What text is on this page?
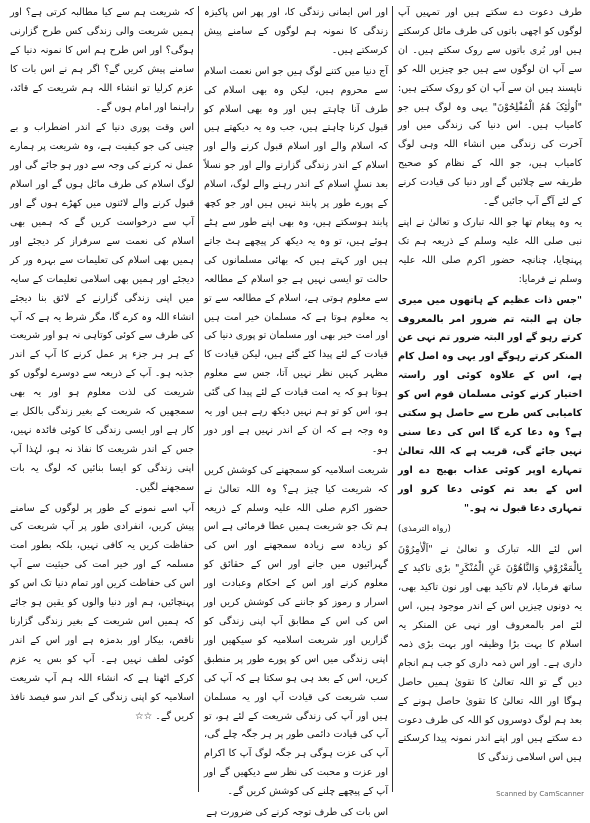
طرف دعوت دے سکتے ہیں اور تمہیں آپ لوگوں کو اچھی باتوں کی طرف مائل کرسکتے ہیں اور بُری باتوں سے روک سکتے ہیں۔ ان سے آپ ان لوگوں سے ہیں جو چیزیں اللہ کو ناپسند ہیں ان سے آپ ان کو روک سکتے ہیں: "اُولٰئِکَ ھُمُ الْمُفْلِحُوْنَ" یہی وہ لوگ ہیں جو کامیاب ہیں۔ اس دنیا کی زندگی میں اور آخرت کی زندگی میں انشاء اللہ وہی لوگ کامیاب ہیں، جو اللہ کے نظام کو صحیح طریقہ سے چلائیں گے اور دنیا کی قیادت کرنے کے لئے آگے آپ جائیں گے۔

یہ وہ پیغام تھا جو اللہ تبارک و تعالیٰ نے اپنے نبی صلی اللہ علیہ وسلم کے ذریعہ ہم تک پہنچایا، چنانچہ حضور اکرم صلی اللہ علیہ وسلم نے فرمایا:

"جس ذات عظیم کے ہاتھوں میں میری جان ہے البتہ تم ضرور امر بالمعروف کرتے رہو گے اور البتہ ضرور تم نہی عن المنکر کرتے رہوگے اور یہی وہ اصل کام ہے، اس کے علاوہ کوئی اور راستہ اختیار کرنے کوئی مسلمان قوم اس کو کامیابی کس طرح سے حاصل ہو سکتی ہے؟ وہ دعا کرے گا اس کی دعا سنی نہیں جائے گی، قریب ہے کہ اللہ تعالیٰ تمہارے اوپر کوئی عذاب بھیج دے اور اس کے بعد تم کوئی دعا کرو اور تمہاری دعا قبول نہ ہو۔"

(رواہ الترمذی)

اس لئے اللہ تبارک و تعالیٰ نے "اَلْاٰمِرُوْنَ بِالْمَعْرُوْفِ وَالنَّاھُوْنَ عَنِ الْمُنْکَرِ" بڑی تاکید کے ساتھ فرمایا، لام تاکید بھی اور نون تاکید بھی، یہ دونوں چیزیں اس کے اندر موجود ہیں، اس لئے امر بالمعروف اور نہی عن المنکر یہ اسلام کا بہت بڑا وظیفہ اور بہت بڑی ذمہ داری ہے۔ اور اس ذمہ داری کو جب ہم انجام دیں گے تو اللہ تعالیٰ کا تقویٰ ہمیں حاصل ہوگا اور اللہ تعالیٰ کا تقویٰ حاصل ہونے کے بعد ہم لوگ دوسروں کو اللہ کی طرف دعوت دے سکتے ہیں اور اپنے اندر نمونہ پیدا کرسکتے ہیں اس اسلامی زندگی کا

اور اس ایمانی زندگی کا، اور پھر اس پاکیزہ زندگی کا نمونہ ہم لوگوں کے سامنے پیش کرسکتے ہیں۔

آج دنیا میں کتنے لوگ ہیں جو اس نعمت اسلام سے محروم ہیں، لیکن وہ بھی اسلام کی طرف آنا چاہتے ہیں اور وہ بھی اسلام کو قبول کرنا چاہتے ہیں، جب وہ یہ دیکھتے ہیں کہ اسلام والے اور اسلام قبول کرنے والے اور اسلام کے اندر زندگی گزارنے والے اور جو نسلاً بعد نسلٍ اسلام کے اندر رہنے والے لوگ، اسلام کے پورے طور پر پابند نہیں ہیں اور جو کچھ پابند ہوسکتے ہیں، وہ بھی اپنے طور سے ہٹے ہوئے ہیں، تو وہ یہ دیکھ کر پیچھے ہٹ جاتے ہیں اور کہتے ہیں کہ بھائی مسلمانوں کی حالت تو ایسی نہیں ہے جو اسلام کے مطالعہ سے معلوم ہوتی ہے، اسلام کے مطالعہ سے تو یہ معلوم ہوتا ہے کہ مسلمان خیر امت ہیں اور امت خیر بھی اور مسلمان تو پوری دنیا کی قیادت کے لئے پیدا کئے گئے ہیں، لیکن قیادت کا مظہر کہیں نظر نہیں آتا، جس سے معلوم ہوتا ہو کہ یہ امت قیادت کے لئے پیدا کی گئی ہو، اس کو تو ہم نہیں دیکھ رہے ہیں اور یہ وہ وجہ ہے کہ ان کے اندر نہیں ہے اور دور ہو۔

شریعت اسلامیہ کو سمجھنے کی کوشش کریں کہ شریعت کیا چیز ہے؟ وہ اللہ تعالیٰ نے حضور اکرم صلی اللہ علیہ وسلم کے ذریعہ ہم تک جو شریعت ہمیں عطا فرمائی ہے اس کو زیادہ سے زیادہ سمجھنے اور اس کی گہرائیوں میں جانے اور اس کے حقائق کو معلوم کرنے اور اس کے احکام وعبادت اور اسرار و رموز کو جاننے کی کوشش کریں اور اس کی اس کے مطابق آپ اپنی زندگی کو گزاریں اور شریعت اسلامیہ کو سیکھیں اور اپنی زندگی میں اس کو پورے طور پر منطبق کریں، اس کے بعد ہی ہو سکتا ہے کہ آپ کی سب شریعت کی قیادت آپ اور یہ مسلمان ہیں اور آپ کی زندگی شریعت کے لئے ہو، تو آپ کی قیادت دائمی طور پر ہر جگہ چلے گی، آپ کی عزت ہوگی ہر جگہ لوگ آپ کا اکرام اور عزت و محبت کی نظر سے دیکھیں گے اور آپ کے پیچھے چلنے کی کوشش کریں گے۔

اس بات کی طرف توجہ کرنے کی ضرورت ہے

کہ شریعت ہم سے کیا مطالبہ کرتی ہے؟ اور ہمیں شریعت والی زندگی کس طرح گزارنی ہوگی؟ اور اس طرح ہم اس کا نمونہ دنیا کے سامنے پیش کریں گے؟ اگر ہم نے اس بات کا عزم کرلیا تو انشاء اللہ ہم شریعت کے قائد، راہنما اور امام ہوں گے۔

اس وقت پوری دنیا کے اندر اضطراب و بے چینی کی جو کیفیت ہے، وہ شریعت پر ہمارے عمل نہ کرنے کی وجہ سے دور ہو جائے گی اور لوگ اسلام کی طرف مائل ہوں گے اور اسلام قبول کرنے والے لائنوں میں کھڑے ہوں گے اور آپ سے درخواست کریں گے کہ ہمیں بھی اسلام کی نعمت سے سرفراز کر دیجئے اور ہمیں بھی اسلام کی تعلیمات سے بہرہ ور کر دیجئے اور ہمیں بھی اسلامی تعلیمات کے سایہ میں اپنی زندگی گزارنے کے لائق بنا دیجئے انشاء اللہ وہ کرے گا، مگر شرط یہ ہے کہ آپ کی طرف سے کوئی کوتاہی نہ ہو اور شریعت کے ہر ہر جزء پر عمل کرنے کا آپ کے اندر جذبہ ہو۔ آپ کے ذریعہ سے دوسرے لوگوں کو شریعت کی لذت معلوم ہو اور یہ بھی سمجھیں کہ شریعت کے بغیر زندگی بالکل بے کار ہے اور ایسی زندگی کا کوئی فائدہ نہیں، جس کے اندر شریعت کا نفاذ نہ ہو، لہٰذا آپ اپنی زندگی کو ایسا بنائیں کہ لوگ یہ بات سمجھنے لگیں۔

آپ اسے نمونے کے طور پر لوگوں کے سامنے پیش کریں، انفرادی طور پر آپ شریعت کی حفاظت کریں یہ کافی نہیں، بلکہ بطور امت مسلمہ کے اور خیر امت کی حیثیت سے آپ اس کی حفاظت کریں اور تمام دنیا تک اس کو پہنچائیں، ہم اور دنیا والوں کو یقین ہو جائے کہ ہمیں اس شریعت کے بغیر زندگی گزارنا ناقص، بیکار اور بدمزہ ہے اور اس کے اندر کوئی لطف نہیں ہے۔ آپ کو بس یہ عزم کرکے اٹھنا ہے کہ انشاء اللہ ہم آپ شریعت اسلامیہ کو اپنی زندگی کے اندر سو فیصد نافذ کریں گے۔ ☆☆

Scanned by CamScanner
